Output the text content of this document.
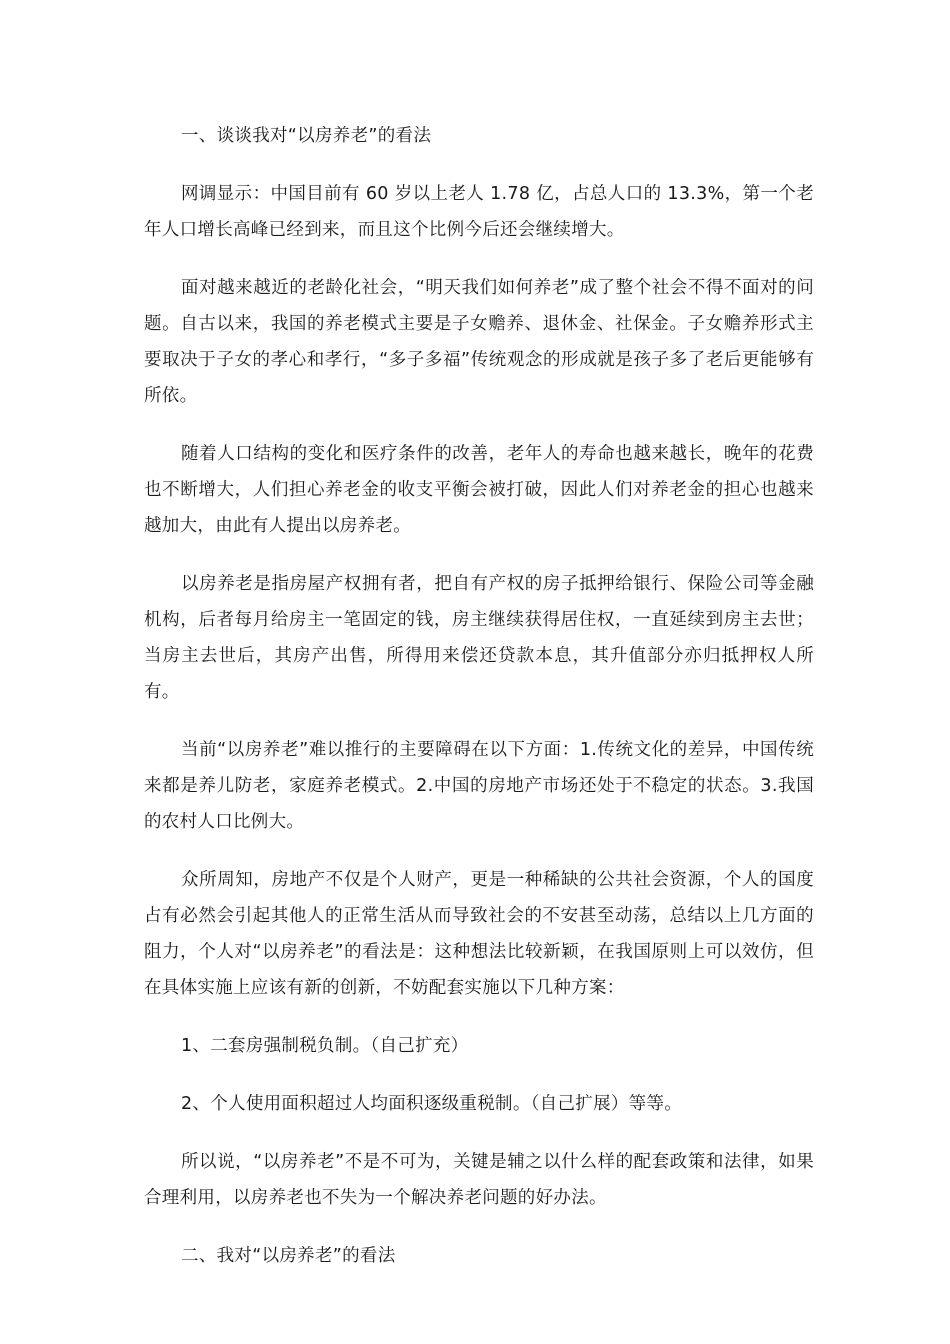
一、谈谈我对“以房养老”的看法

网调显示：中国目前有 60 岁以上老人 1.78 亿，占总人口的 13.3%，第一个老年人口增长高峰已经到来，而且这个比例今后还会继续增大。

面对越来越近的老龄化社会，“明天我们如何养老”成了整个社会不得不面对的问题。自古以来，我国的养老模式主要是子女赡养、退休金、社保金。子女赡养形式主要取决于子女的孝心和孝行，“多子多福”传统观念的形成就是孩子多了老后更能够有所依。

随着人口结构的变化和医疗条件的改善，老年人的寿命也越来越长，晚年的花费也不断增大，人们担心养老金的收支平衡会被打破，因此人们对养老金的担心也越来越加大，由此有人提出以房养老。

以房养老是指房屋产权拥有者，把自有产权的房子抵押给银行、保险公司等金融机构，后者每月给房主一笔固定的钱，房主继续获得居住权，一直延续到房主去世；当房主去世后，其房产出售，所得用来偿还贷款本息，其升值部分亦归抵押权人所有。

当前“以房养老”难以推行的主要障碍在以下方面：1.传统文化的差异，中国传统来都是养儿防老，家庭养老模式。2.中国的房地产市场还处于不稳定的状态。3.我国的农村人口比例大。

众所周知，房地产不仅是个人财产，更是一种稀缺的公共社会资源，个人的国度占有必然会引起其他人的正常生活从而导致社会的不安甚至动荡，总结以上几方面的阻力，个人对“以房养老”的看法是：这种想法比较新颖，在我国原则上可以效仿，但在具体实施上应该有新的创新，不妨配套实施以下几种方案：

1、二套房强制税负制。（自己扩充）

2、个人使用面积超过人均面积逐级重税制。（自己扩展）等等。

所以说，“以房养老”不是不可为，关键是辅之以什么样的配套政策和法律，如果合理利用，以房养老也不失为一个解决养老问题的好办法。

二、我对“以房养老”的看法
